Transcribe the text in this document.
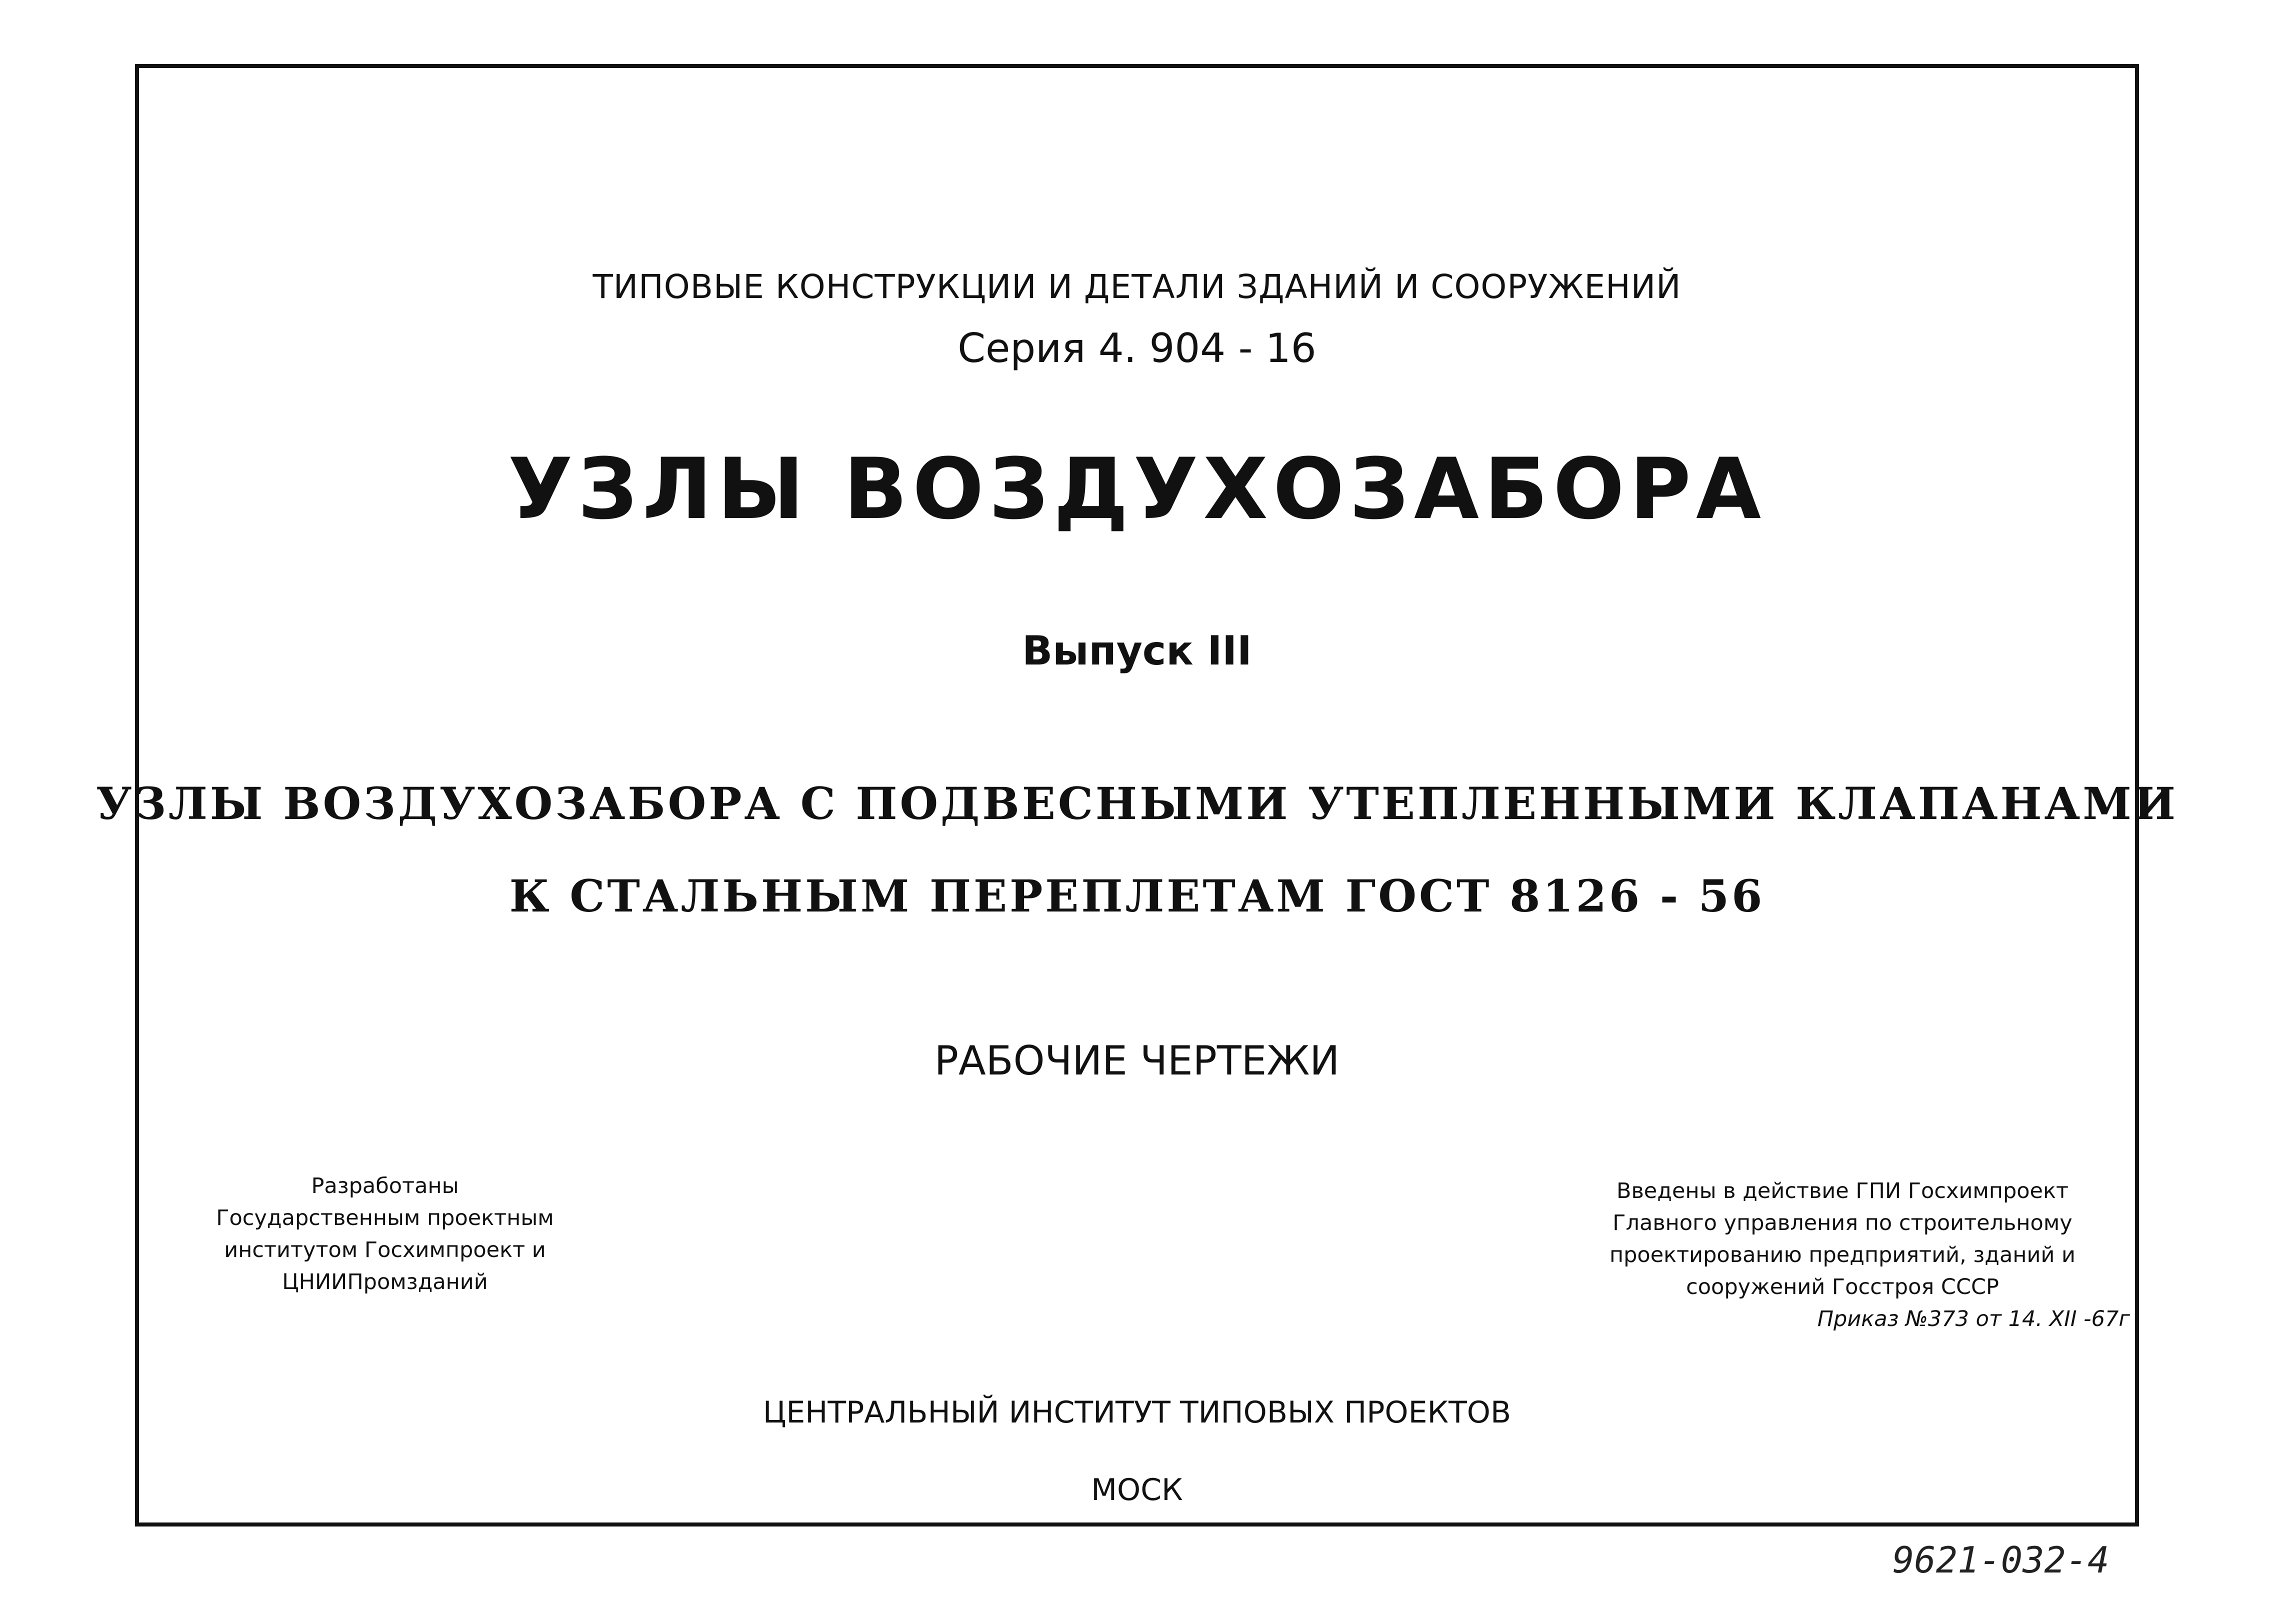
ТИПОВЫЕ КОНСТРУКЦИИ И ДЕТАЛИ ЗДАНИЙ И СООРУЖЕНИЙ
Серия 4. 904 - 16
УЗЛЫ ВОЗДУХОЗАБОРА
Выпуск III
УЗЛЫ ВОЗДУХОЗАБОРА С ПОДВЕСНЫМИ УТЕПЛЕННЫМИ КЛАПАНАМИ
К СТАЛЬНЫМ ПЕРЕПЛЕТАМ ГОСТ 8126 - 56
РАБОЧИЕ ЧЕРТЕЖИ
Разработаны
Государственным проектным
институтом Госхимпроект и
ЦНИИПромзданий
Введены в действие ГПИ Госхимпроект
Главного управления по строительному
проектированию предприятий, зданий и
сооружений Госстроя СССР
Приказ №373 от 14. XII -67г
ЦЕНТРАЛЬНЫЙ ИНСТИТУТ ТИПОВЫХ ПРОЕКТОВ
МОСК
9621-032-4
